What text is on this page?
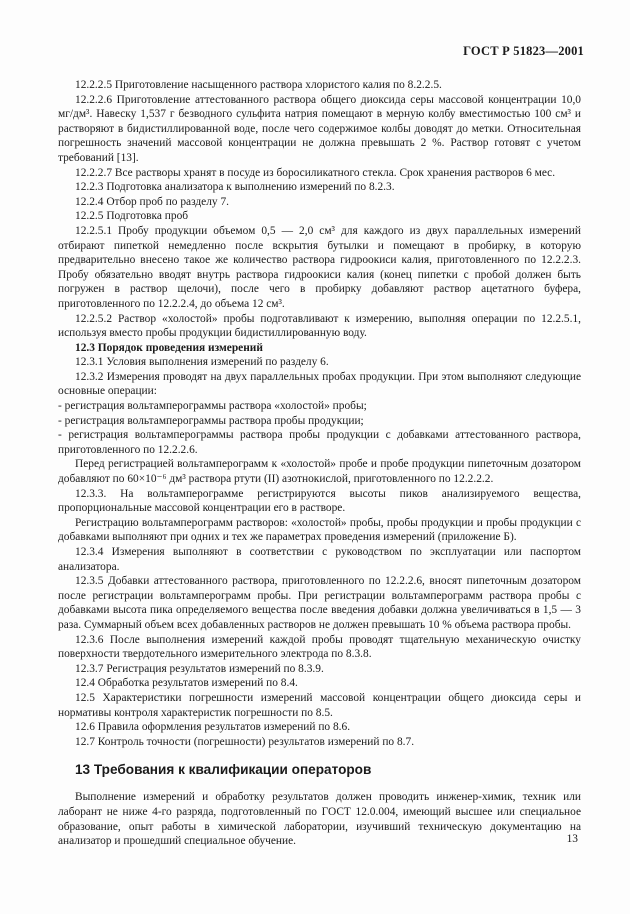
ГОСТ Р 51823—2001

12.2.2.5 Приготовление насыщенного раствора хлористого калия по 8.2.2.5.

12.2.2.6 Приготовление аттестованного раствора общего диоксида серы массовой концентрации 10,0 мг/дм³. Навеску 1,537 г безводного сульфита натрия помещают в мерную колбу вместимостью 100 см³ и растворяют в бидистиллированной воде, после чего содержимое колбы доводят до метки. Относительная погрешность значений массовой концентрации не должна превышать 2 %. Раствор готовят с учетом требований [13].

12.2.2.7 Все растворы хранят в посуде из боросиликатного стекла. Срок хранения растворов 6 мес.

12.2.3 Подготовка анализатора к выполнению измерений по 8.2.3.

12.2.4 Отбор проб по разделу 7.

12.2.5 Подготовка проб

12.2.5.1 Пробу продукции объемом 0,5 — 2,0 см³ для каждого из двух параллельных измерений отбирают пипеткой немедленно после вскрытия бутылки и помещают в пробирку, в которую предварительно внесено такое же количество раствора гидроокиси калия, приготовленного по 12.2.2.3. Пробу обязательно вводят внутрь раствора гидроокиси калия (конец пипетки с пробой должен быть погружен в раствор щелочи), после чего в пробирку добавляют раствор ацетатного буфера, приготовленного по 12.2.2.4, до объема 12 см³.

12.2.5.2 Раствор «холостой» пробы подготавливают к измерению, выполняя операции по 12.2.5.1, используя вместо пробы продукции бидистиллированную воду.

12.3 Порядок проведения измерений

12.3.1 Условия выполнения измерений по разделу 6.

12.3.2 Измерения проводят на двух параллельных пробах продукции. При этом выполняют следующие основные операции:

- регистрация вольтамперограммы раствора «холостой» пробы;

- регистрация вольтамперограммы раствора пробы продукции;

- регистрация вольтамперограммы раствора пробы продукции с добавками аттестованного раствора, приготовленного по 12.2.2.6.

Перед регистрацией вольтамперограмм к «холостой» пробе и пробе продукции пипеточным дозатором добавляют по 60×10⁻⁶ дм³ раствора ртути (II) азотнокислой, приготовленного по 12.2.2.2.

12.3.3. На вольтамперограмме регистрируются высоты пиков анализируемого вещества, пропорциональные массовой концентрации его в растворе.

Регистрацию вольтамперограмм растворов: «холостой» пробы, пробы продукции и пробы продукции с добавками выполняют при одних и тех же параметрах проведения измерений (приложение Б).

12.3.4 Измерения выполняют в соответствии с руководством по эксплуатации или паспортом анализатора.

12.3.5 Добавки аттестованного раствора, приготовленного по 12.2.2.6, вносят пипеточным дозатором после регистрации вольтамперограмм пробы. При регистрации вольтамперограмм раствора пробы с добавками высота пика определяемого вещества после введения добавки должна увеличиваться в 1,5 — 3 раза. Суммарный объем всех добавленных растворов не должен превышать 10 % объема раствора пробы.

12.3.6 После выполнения измерений каждой пробы проводят тщательную механическую очистку поверхности твердотельного измерительного электрода по 8.3.8.

12.3.7 Регистрация результатов измерений по 8.3.9.

12.4 Обработка результатов измерений по 8.4.

12.5 Характеристики погрешности измерений массовой концентрации общего диоксида серы и нормативы контроля характеристик погрешности по 8.5.

12.6 Правила оформления результатов измерений по 8.6.

12.7 Контроль точности (погрешности) результатов измерений по 8.7.

13 Требования к квалификации операторов

Выполнение измерений и обработку результатов должен проводить инженер-химик, техник или лаборант не ниже 4-го разряда, подготовленный по ГОСТ 12.0.004, имеющий высшее или специальное образование, опыт работы в химической лаборатории, изучивший техническую документацию на анализатор и прошедший специальное обучение.	13
